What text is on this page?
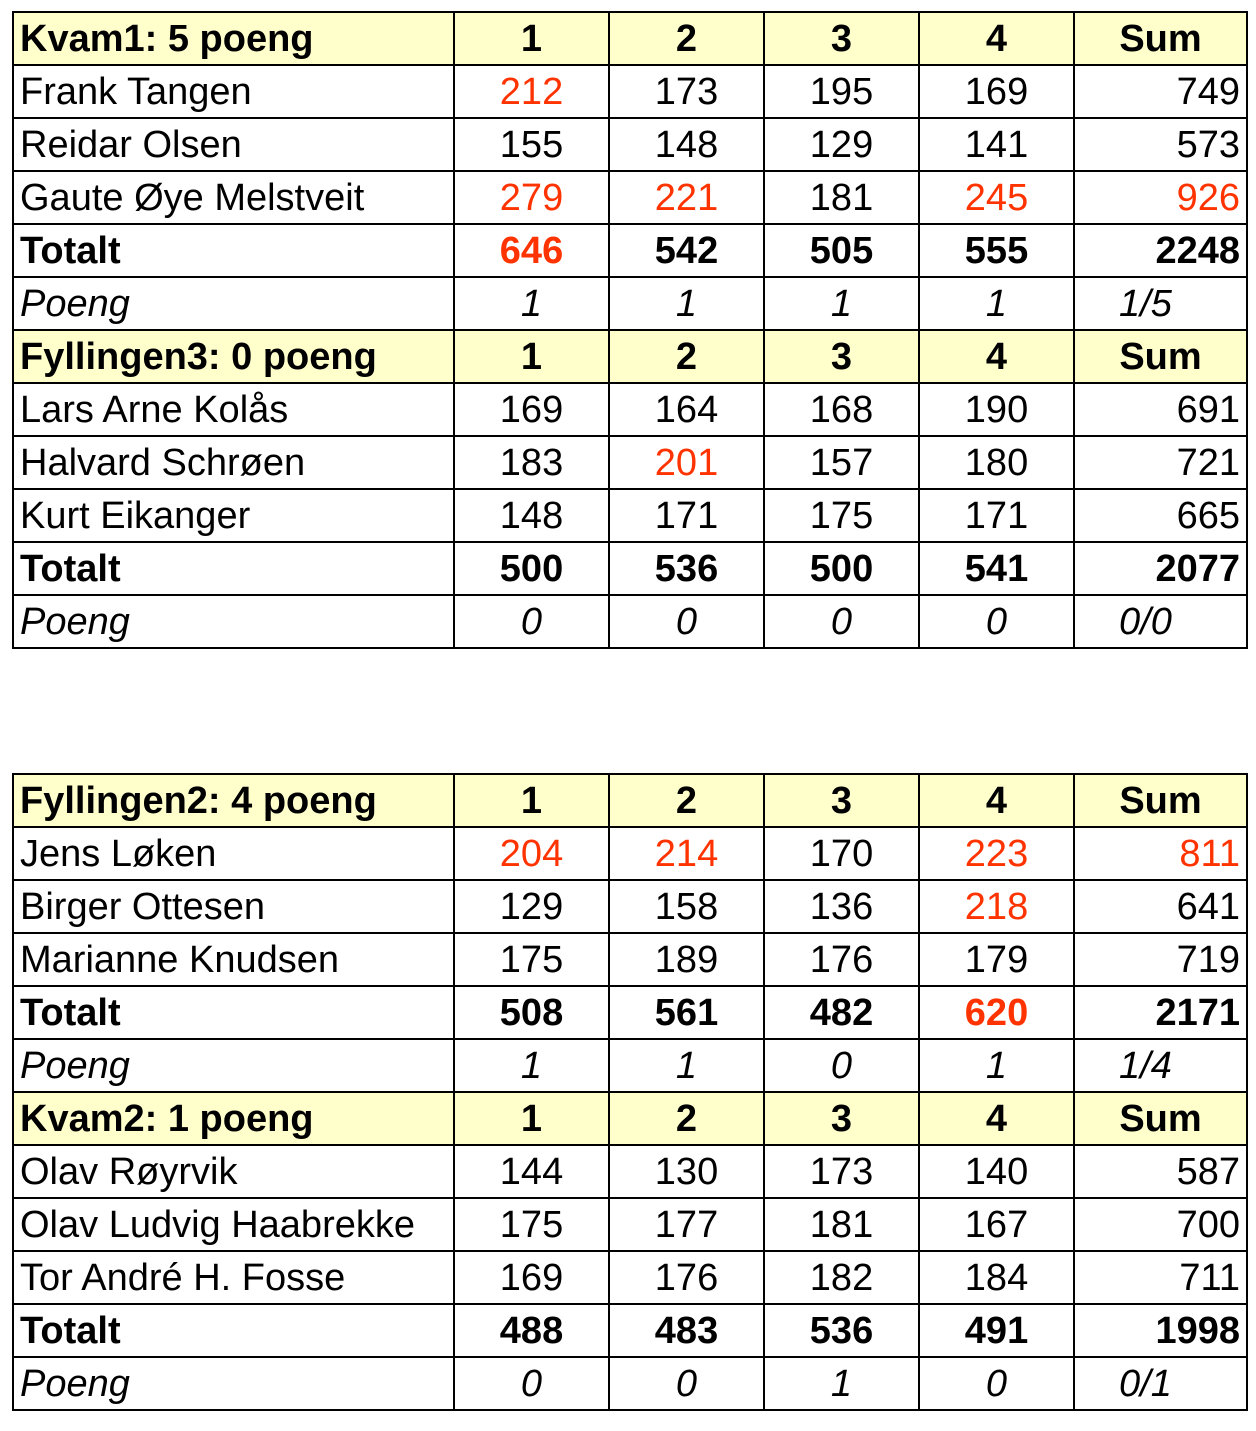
Kvam1: 5 poeng	1	2	3	4	Sum
Frank Tangen	212	173	195	169	749
Reidar Olsen	155	148	129	141	573
Gaute Øye Melstveit	279	221	181	245	926
Totalt	646	542	505	555	2248
Poeng	1	1	1	1	1/5
Fyllingen3: 0 poeng	1	2	3	4	Sum
Lars Arne Kolås	169	164	168	190	691
Halvard Schrøen	183	201	157	180	721
Kurt Eikanger	148	171	175	171	665
Totalt	500	536	500	541	2077
Poeng	0	0	0	0	0/0
Fyllingen2: 4 poeng	1	2	3	4	Sum
Jens Løken	204	214	170	223	811
Birger Ottesen	129	158	136	218	641
Marianne Knudsen	175	189	176	179	719
Totalt	508	561	482	620	2171
Poeng	1	1	0	1	1/4
Kvam2: 1 poeng	1	2	3	4	Sum
Olav Røyrvik	144	130	173	140	587
Olav Ludvig Haabrekke	175	177	181	167	700
Tor André H. Fosse	169	176	182	184	711
Totalt	488	483	536	491	1998
Poeng	0	0	1	0	0/1
